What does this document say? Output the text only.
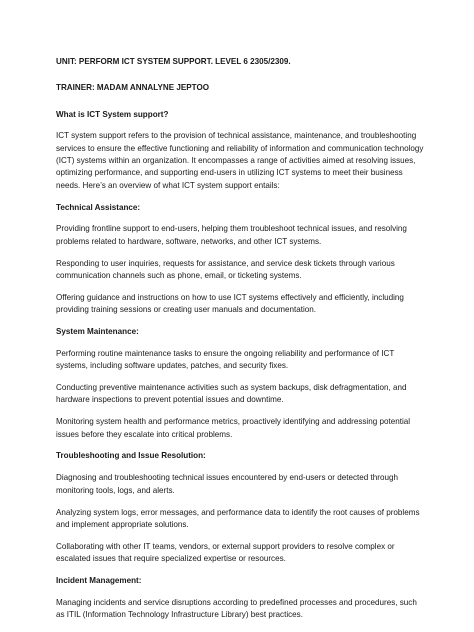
UNIT: PERFORM ICT SYSTEM SUPPORT. LEVEL 6 2305/2309.

TRAINER: MADAM ANNALYNE JEPTOO

What is ICT System support?

ICT system support refers to the provision of technical assistance, maintenance, and troubleshooting services to ensure the effective functioning and reliability of information and communication technology (ICT) systems within an organization. It encompasses a range of activities aimed at resolving issues, optimizing performance, and supporting end-users in utilizing ICT systems to meet their business needs. Here’s an overview of what ICT system support entails:

Technical Assistance:

Providing frontline support to end-users, helping them troubleshoot technical issues, and resolving problems related to hardware, software, networks, and other ICT systems.

Responding to user inquiries, requests for assistance, and service desk tickets through various communication channels such as phone, email, or ticketing systems.

Offering guidance and instructions on how to use ICT systems effectively and efficiently, including providing training sessions or creating user manuals and documentation.

System Maintenance:

Performing routine maintenance tasks to ensure the ongoing reliability and performance of ICT systems, including software updates, patches, and security fixes.

Conducting preventive maintenance activities such as system backups, disk defragmentation, and hardware inspections to prevent potential issues and downtime.

Monitoring system health and performance metrics, proactively identifying and addressing potential issues before they escalate into critical problems.

Troubleshooting and Issue Resolution:

Diagnosing and troubleshooting technical issues encountered by end-users or detected through monitoring tools, logs, and alerts.

Analyzing system logs, error messages, and performance data to identify the root causes of problems and implement appropriate solutions.

Collaborating with other IT teams, vendors, or external support providers to resolve complex or escalated issues that require specialized expertise or resources.

Incident Management:

Managing incidents and service disruptions according to predefined processes and procedures, such as ITIL (Information Technology Infrastructure Library) best practices.
